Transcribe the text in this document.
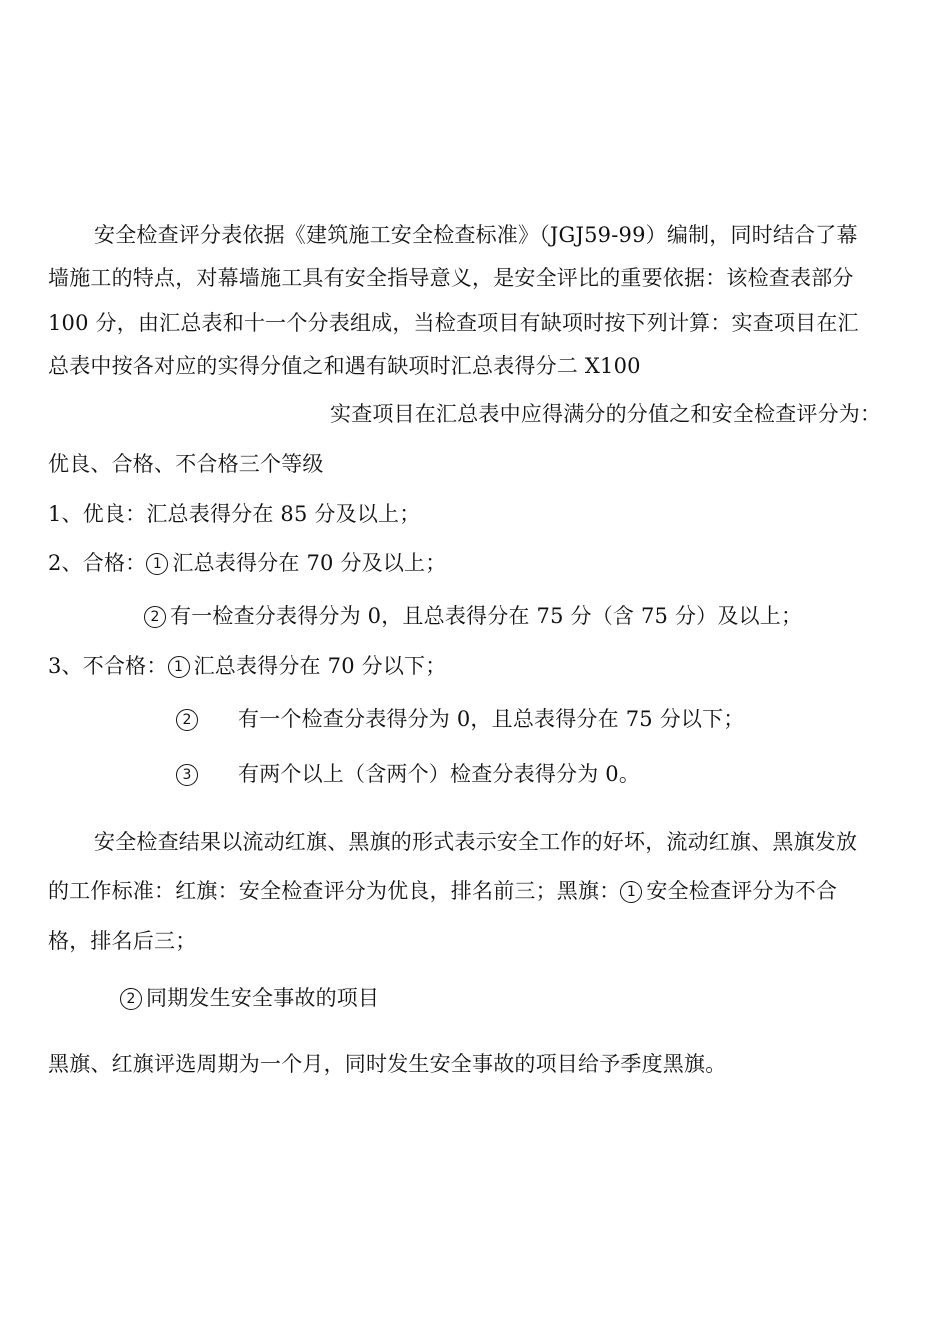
安全检查评分表依据《建筑施工安全检查标准》（JGJ59-99）编制，同时结合了幕
墙施工的特点，对幕墙施工具有安全指导意义，是安全评比的重要依据：该检查表部分
100 分，由汇总表和十一个分表组成，当检查项目有缺项时按下列计算：实查项目在汇
总表中按各对应的实得分值之和遇有缺项时汇总表得分二 X100
实查项目在汇总表中应得满分的分值之和安全检查评分为：
优良、合格、不合格三个等级
1、优良：汇总表得分在 85 分及以上；
2、合格： 1 汇总表得分在 70 分及以上；
2 有一检查分表得分为 0，且总表得分在 75 分（含 75 分）及以上；
3、不合格： 1 汇总表得分在 70 分以下；
2 有一个检查分表得分为 0，且总表得分在 75 分以下；
3 有两个以上（含两个）检查分表得分为 0。
安全检查结果以流动红旗、黑旗的形式表示安全工作的好坏，流动红旗、黑旗发放
的工作标准：红旗：安全检查评分为优良，排名前三；黑旗： 1 安全检查评分为不合
格，排名后三；
2 同期发生安全事故的项目
黑旗、红旗评选周期为一个月，同时发生安全事故的项目给予季度黑旗。
